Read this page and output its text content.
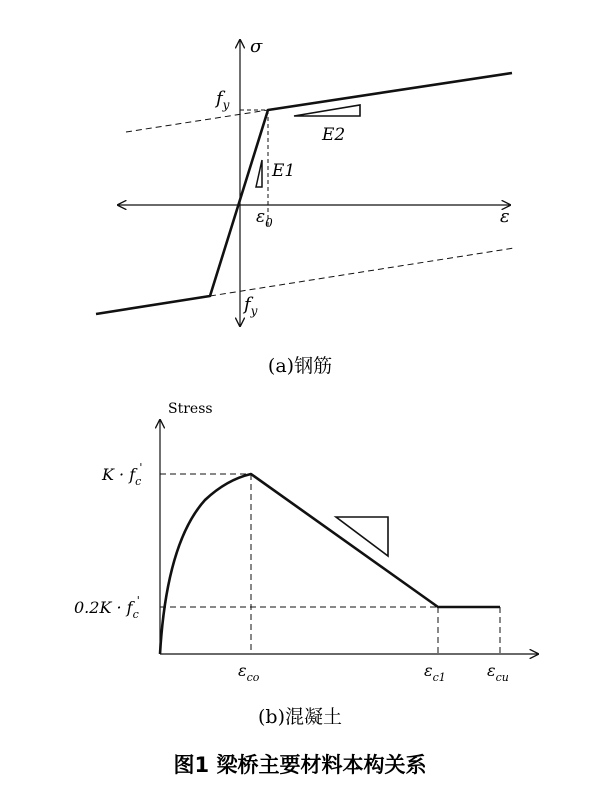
σ
ε
$f_y$
$f_y$
E2
E1
$\varepsilon_0$
(a)钢筋
Stress
$K \cdot f_c'$
$0.2K \cdot f_c'$
$\varepsilon_{co}$	$\varepsilon_{c1}$	$\varepsilon_{cu}$
(b)混凝土
图1 梁桥主要材料本构关系
